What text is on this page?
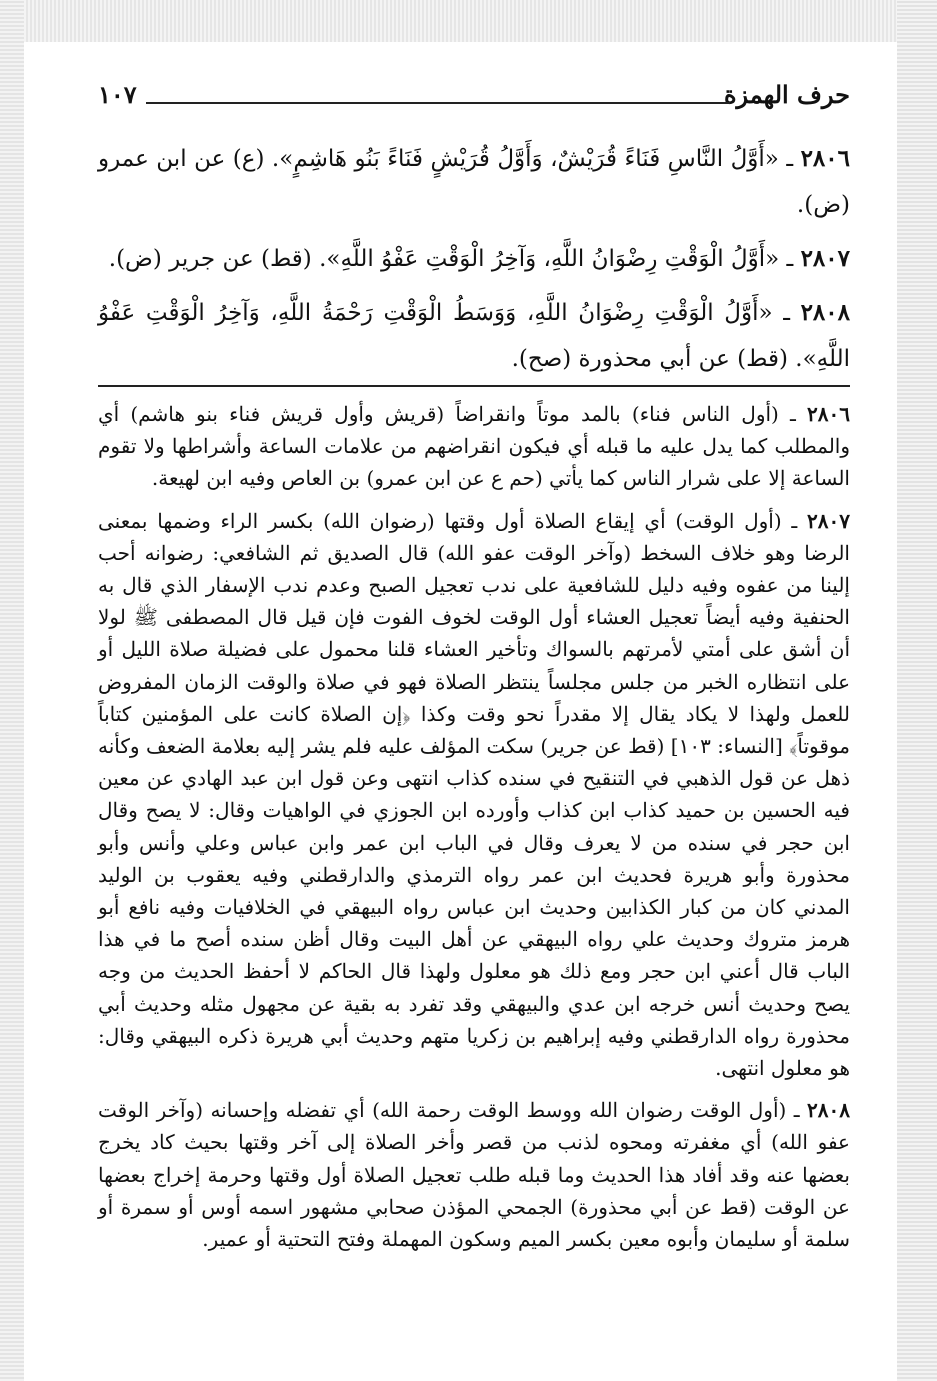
حرف الهمزة
١٠٧

٢٨٠٦ ـ «أَوَّلُ النَّاسِ فَنَاءً قُرَيْشٌ، وَأَوَّلُ قُرَيْشٍ فَنَاءً بَنُو هَاشِمٍ». (ع) عن ابن عمرو (ض).

٢٨٠٧ ـ «أَوَّلُ الْوَقْتِ رِضْوَانُ اللَّهِ، وَآخِرُ الْوَقْتِ عَفْوُ اللَّهِ». (قط) عن جرير (ض).

٢٨٠٨ ـ «أَوَّلُ الْوَقْتِ رِضْوَانُ اللَّهِ، وَوَسَطُ الْوَقْتِ رَحْمَةُ اللَّهِ، وَآخِرُ الْوَقْتِ عَفْوُ اللَّهِ». (قط) عن أبي محذورة (صح).

٢٨٠٦ ـ (أول الناس فناء) بالمد موتاً وانقراضاً (قريش وأول قريش فناء بنو هاشم) أي والمطلب كما يدل عليه ما قبله أي فيكون انقراضهم من علامات الساعة وأشراطها ولا تقوم الساعة إلا على شرار الناس كما يأتي (حم ع عن ابن عمرو) بن العاص وفيه ابن لهيعة.

٢٨٠٧ ـ (أول الوقت) أي إيقاع الصلاة أول وقتها (رضوان الله) بكسر الراء وضمها بمعنى الرضا وهو خلاف السخط (وآخر الوقت عفو الله) قال الصديق ثم الشافعي: رضوانه أحب إلينا من عفوه وفيه دليل للشافعية على ندب تعجيل الصبح وعدم ندب الإسفار الذي قال به الحنفية وفيه أيضاً تعجيل العشاء أول الوقت لخوف الفوت فإن قيل قال المصطفى ﷺ لولا أن أشق على أمتي لأمرتهم بالسواك وتأخير العشاء قلنا محمول على فضيلة صلاة الليل أو على انتظاره الخبر من جلس مجلساً ينتظر الصلاة فهو في صلاة والوقت الزمان المفروض للعمل ولهذا لا يكاد يقال إلا مقدراً نحو وقت وكذا ﴿إن الصلاة كانت على المؤمنين كتاباً موقوتاً﴾ [النساء: ١٠٣] (قط عن جرير) سكت المؤلف عليه فلم يشر إليه بعلامة الضعف وكأنه ذهل عن قول الذهبي في التنقيح في سنده كذاب انتهى وعن قول ابن عبد الهادي عن معين فيه الحسين بن حميد كذاب ابن كذاب وأورده ابن الجوزي في الواهيات وقال: لا يصح وقال ابن حجر في سنده من لا يعرف وقال في الباب ابن عمر وابن عباس وعلي وأنس وأبو محذورة وأبو هريرة فحديث ابن عمر رواه الترمذي والدارقطني وفيه يعقوب بن الوليد المدني كان من كبار الكذابين وحديث ابن عباس رواه البيهقي في الخلافيات وفيه نافع أبو هرمز متروك وحديث علي رواه البيهقي عن أهل البيت وقال أظن سنده أصح ما في هذا الباب قال أعني ابن حجر ومع ذلك هو معلول ولهذا قال الحاكم لا أحفظ الحديث من وجه يصح وحديث أنس خرجه ابن عدي والبيهقي وقد تفرد به بقية عن مجهول مثله وحديث أبي محذورة رواه الدارقطني وفيه إبراهيم بن زكريا متهم وحديث أبي هريرة ذكره البيهقي وقال: هو معلول انتهى.

٢٨٠٨ ـ (أول الوقت رضوان الله ووسط الوقت رحمة الله) أي تفضله وإحسانه (وآخر الوقت عفو الله) أي مغفرته ومحوه لذنب من قصر وأخر الصلاة إلى آخر وقتها بحيث كاد يخرج بعضها عنه وقد أفاد هذا الحديث وما قبله طلب تعجيل الصلاة أول وقتها وحرمة إخراج بعضها عن الوقت (قط عن أبي محذورة) الجمحي المؤذن صحابي مشهور اسمه أوس أو سمرة أو سلمة أو سليمان وأبوه معين بكسر الميم وسكون المهملة وفتح التحتية أو عمير.
